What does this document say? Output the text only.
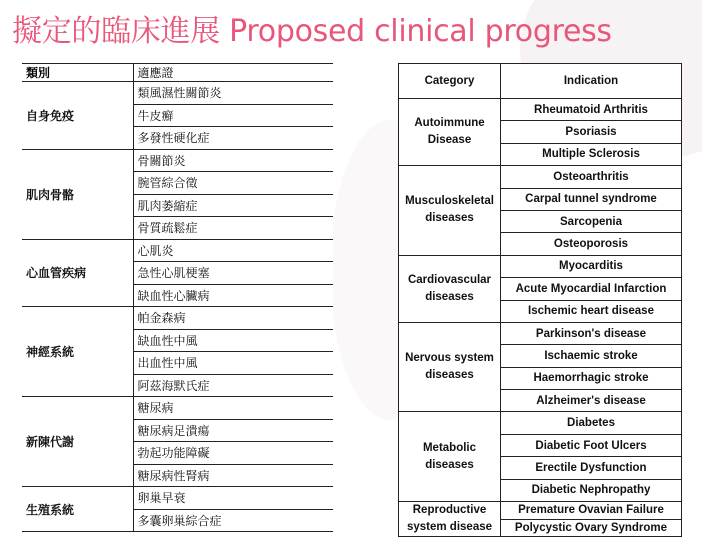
擬定的臨床進展 Proposed clinical progress
類別	適應證
自身免疫	類風濕性關節炎
	牛皮癬
	多發性硬化症
肌肉骨骼	骨關節炎
	腕管綜合徵
	肌肉萎縮症
	骨質疏鬆症
心血管疾病	心肌炎
	急性心肌梗塞
	缺血性心臟病
神經系統	帕金森病
	缺血性中風
	出血性中風
	阿茲海默氏症
新陳代謝	糖尿病
	糖尿病足潰瘍
	勃起功能障礙
	糖尿病性腎病
生殖系統	卵巢早衰
	多囊卵巢綜合症
Category	Indication

Autoimmune
Disease	Rheumatoid Arthritis
	Psoriasis
	Multiple Sclerosis

Musculoskeletal
diseases	Osteoarthritis
	Carpal tunnel syndrome
	Sarcopenia
	Osteoporosis

Cardiovascular
diseases	Myocarditis
	Acute Myocardial Infarction
	Ischemic heart disease

Nervous system
diseases	Parkinson's disease
	Ischaemic stroke
	Haemorrhagic stroke
	Alzheimer's disease

Metabolic
diseases	Diabetes
	Diabetic Foot Ulcers
	Erectile Dysfunction
	Diabetic Nephropathy

Reproductive
system disease	Premature Ovavian Failure
	Polycystic Ovary Syndrome
